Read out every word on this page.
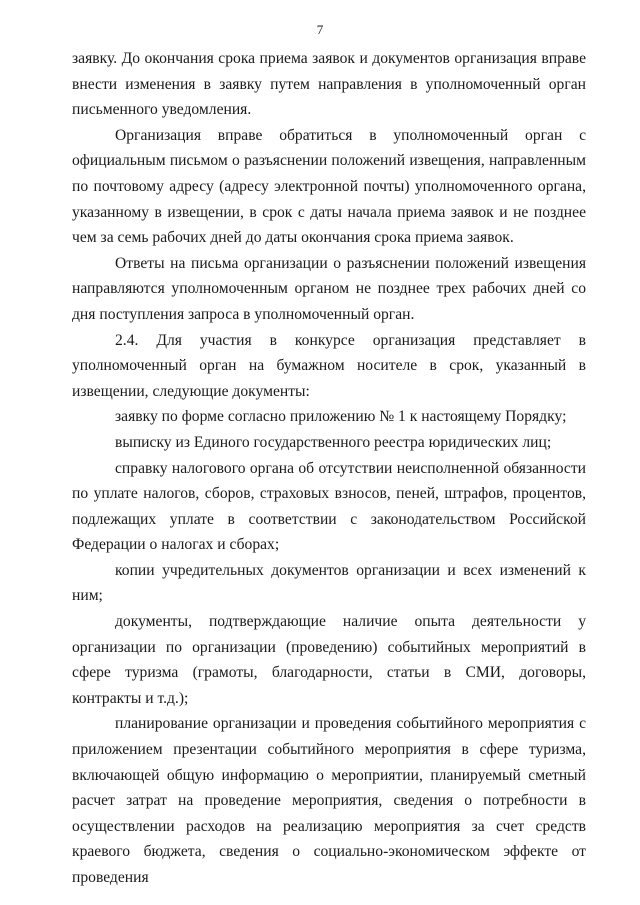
7

заявку. До окончания срока приема заявок и документов организация вправе внести изменения в заявку путем направления в уполномоченный орган письменного уведомления.

Организация вправе обратиться в уполномоченный орган с официальным письмом о разъяснении положений извещения, направленным по почтовому адресу (адресу электронной почты) уполномоченного органа, указанному в извещении, в срок с даты начала приема заявок и не позднее чем за семь рабочих дней до даты окончания срока приема заявок.

Ответы на письма организации о разъяснении положений извещения направляются уполномоченным органом не позднее трех рабочих дней со дня поступления запроса в уполномоченный орган.

2.4. Для участия в конкурсе организация представляет в уполномоченный орган на бумажном носителе в срок, указанный в извещении, следующие документы:

заявку по форме согласно приложению № 1 к настоящему Порядку;

выписку из Единого государственного реестра юридических лиц;

справку налогового органа об отсутствии неисполненной обязанности по уплате налогов, сборов, страховых взносов, пеней, штрафов, процентов, подлежащих уплате в соответствии с законодательством Российской Федерации о налогах и сборах;

копии учредительных документов организации и всех изменений к ним;

документы, подтверждающие наличие опыта деятельности у организации по организации (проведению) событийных мероприятий в сфере туризма (грамоты, благодарности, статьи в СМИ, договоры, контракты и т.д.);

планирование организации и проведения событийного мероприятия с приложением презентации событийного мероприятия в сфере туризма, включающей общую информацию о мероприятии, планируемый сметный расчет затрат на проведение мероприятия, сведения о потребности в осуществлении расходов на реализацию мероприятия за счет средств краевого бюджета, сведения о социально-экономическом эффекте от проведения
